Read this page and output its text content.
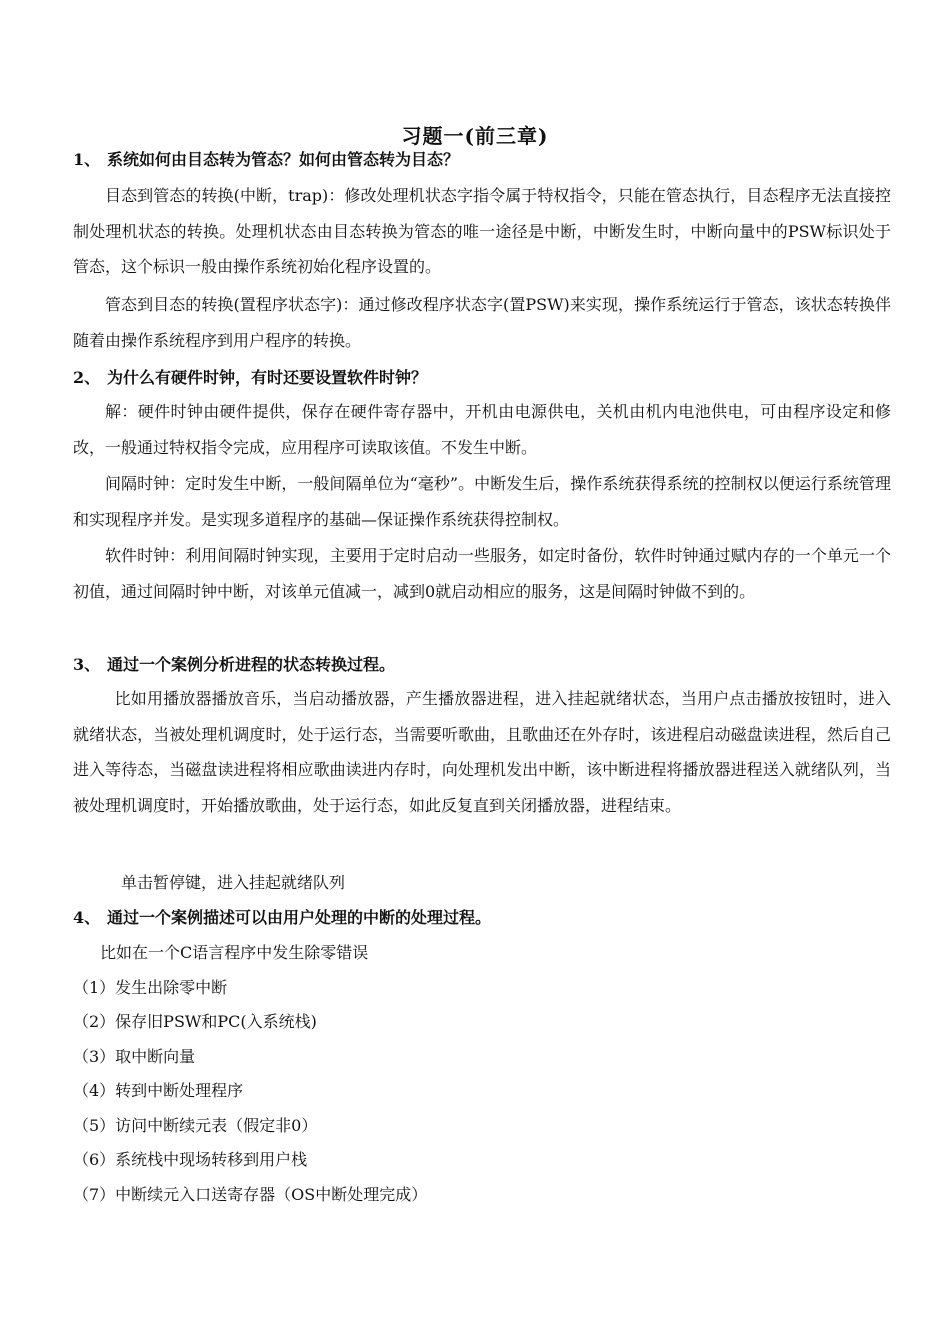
习题一(前三章)
1、 系统如何由目态转为管态？如何由管态转为目态？
目态到管态的转换(中断，trap)：修改处理机状态字指令属于特权指令，只能在管态执行，目态程序无法直接控制处理机状态的转换。处理机状态由目态转换为管态的唯一途径是中断，中断发生时，中断向量中的PSW标识处于管态，这个标识一般由操作系统初始化程序设置的。
管态到目态的转换(置程序状态字)：通过修改程序状态字(置PSW)来实现，操作系统运行于管态，该状态转换伴随着由操作系统程序到用户程序的转换。
2、 为什么有硬件时钟，有时还要设置软件时钟？
解：硬件时钟由硬件提供，保存在硬件寄存器中，开机由电源供电，关机由机内电池供电，可由程序设定和修改，一般通过特权指令完成，应用程序可读取该值。不发生中断。
间隔时钟：定时发生中断，一般间隔单位为“毫秒”。中断发生后，操作系统获得系统的控制权以便运行系统管理和实现程序并发。是实现多道程序的基础—保证操作系统获得控制权。
软件时钟：利用间隔时钟实现，主要用于定时启动一些服务，如定时备份，软件时钟通过赋内存的一个单元一个初值，通过间隔时钟中断，对该单元值减一，减到0就启动相应的服务，这是间隔时钟做不到的。
3、 通过一个案例分析进程的状态转换过程。
比如用播放器播放音乐，当启动播放器，产生播放器进程，进入挂起就绪状态，当用户点击播放按钮时，进入就绪状态，当被处理机调度时，处于运行态，当需要听歌曲，且歌曲还在外存时，该进程启动磁盘读进程，然后自己进入等待态，当磁盘读进程将相应歌曲读进内存时，向处理机发出中断，该中断进程将播放器进程送入就绪队列，当被处理机调度时，开始播放歌曲，处于运行态，如此反复直到关闭播放器，进程结束。
单击暂停键，进入挂起就绪队列
4、 通过一个案例描述可以由用户处理的中断的处理过程。
比如在一个C语言程序中发生除零错误
（1）发生出除零中断
（2）保存旧PSW和PC(入系统栈)
（3）取中断向量
（4）转到中断处理程序
（5）访问中断续元表（假定非0）
（6）系统栈中现场转移到用户栈
（7）中断续元入口送寄存器（OS中断处理完成）
